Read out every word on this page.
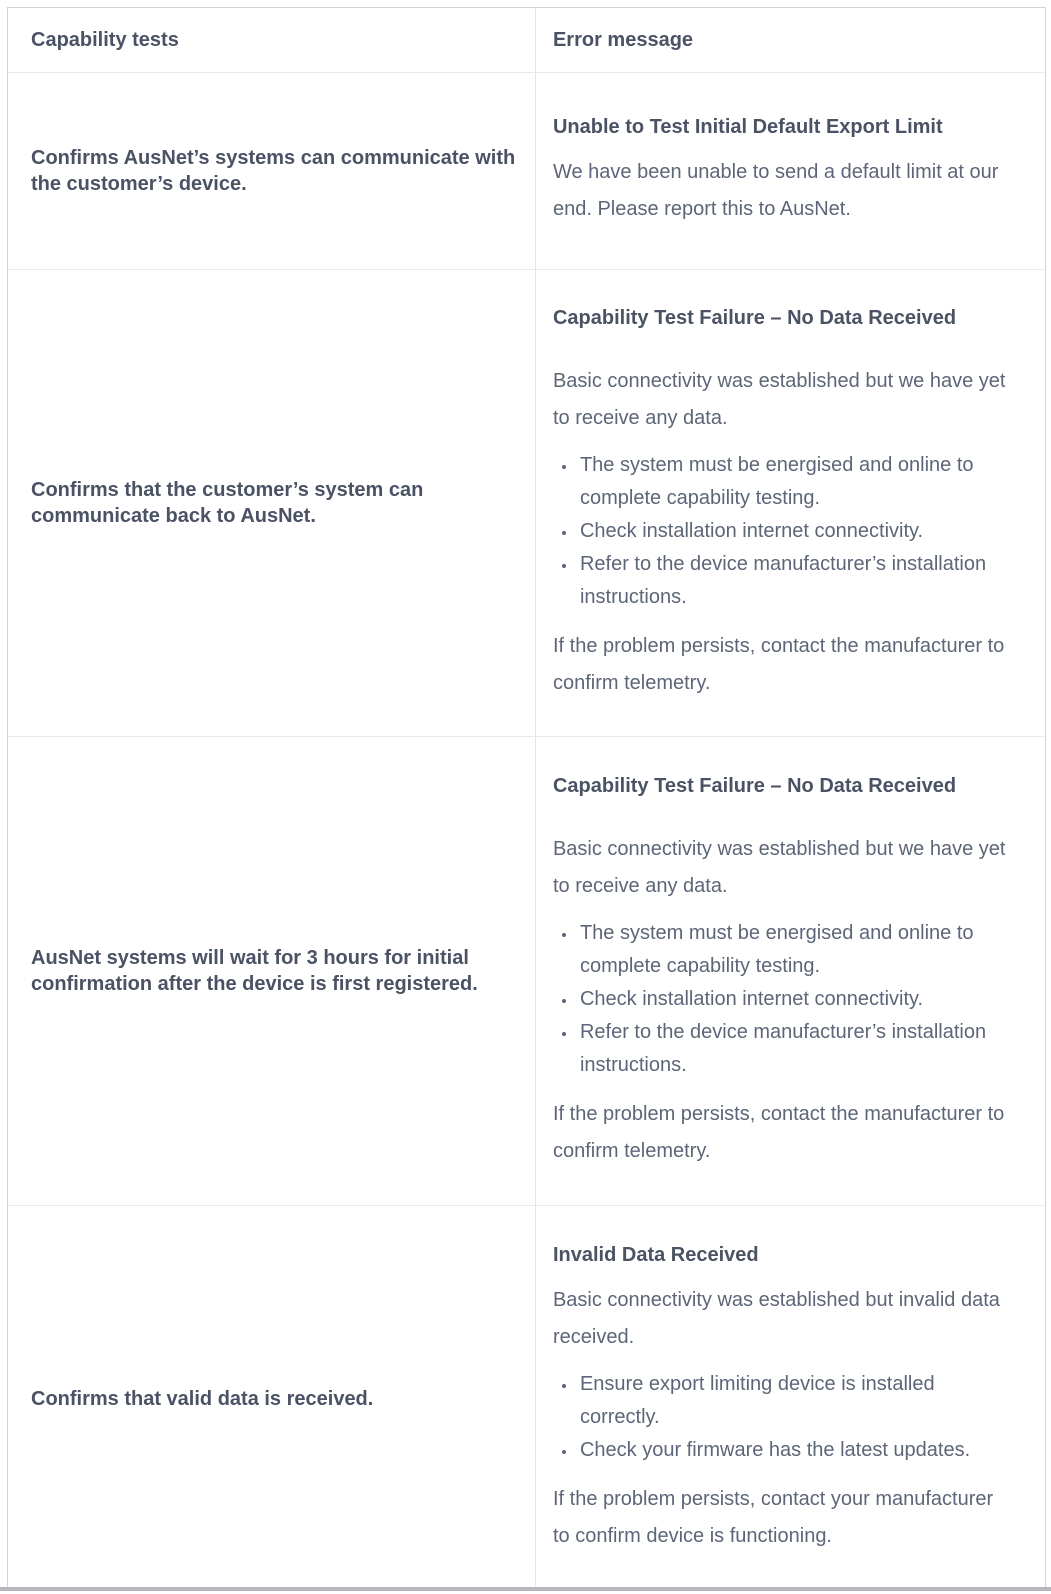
Capability tests	Error message
Confirms AusNet’s systems can communicate with the customer’s device.

Unable to Test Initial Default Export Limit

We have been unable to send a default limit at our end. Please report this to AusNet.

Confirms that the customer’s system can communicate back to AusNet.

Capability Test Failure – No Data Received

Basic connectivity was established but we have yet to receive any data.

• The system must be energised and online to complete capability testing.
• Check installation internet connectivity.
• Refer to the device manufacturer’s installation instructions.

If the problem persists, contact the manufacturer to confirm telemetry.

AusNet systems will wait for 3 hours for initial confirmation after the device is first registered.

Capability Test Failure – No Data Received

Basic connectivity was established but we have yet to receive any data.

• The system must be energised and online to complete capability testing.
• Check installation internet connectivity.
• Refer to the device manufacturer’s installation instructions.

If the problem persists, contact the manufacturer to confirm telemetry.

Confirms that valid data is received.

Invalid Data Received

Basic connectivity was established but invalid data received.

• Ensure export limiting device is installed correctly.
• Check your firmware has the latest updates.

If the problem persists, contact your manufacturer to confirm device is functioning.
